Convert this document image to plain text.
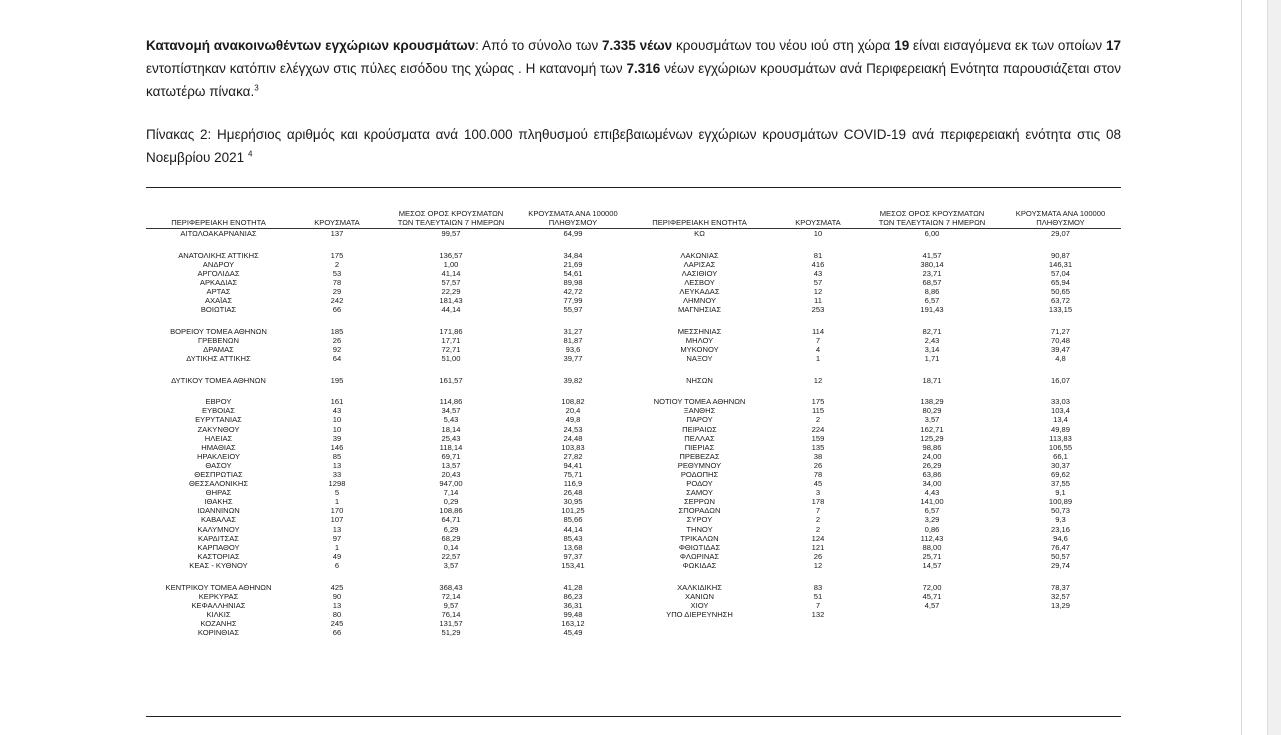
Κατανομή ανακοινωθέντων εγχώριων κρουσμάτων: Από το σύνολο των 7.335 νέων κρουσμάτων του νέου ιού στη χώρα 19 είναι εισαγόμενα εκ των οποίων 17 εντοπίστηκαν κατόπιν ελέγχων στις πύλες εισόδου της χώρας . Η κατανομή των 7.316 νέων εγχώριων κρουσμάτων ανά Περιφερειακή Ενότητα παρουσιάζεται στον κατωτέρω πίνακα.$^3$

Πίνακας 2: Ημερήσιος αριθμός και κρούσματα ανά 100.000 πληθυσμού επιβεβαιωμένων εγχώριων κρουσμάτων COVID-19 ανά περιφερειακή ενότητα στις 08 Νοεμβρίου 2021 $^4$

ΠΕΡΙΦΕΡΕΙΑΚΗ ΕΝΟΤΗΤΑ	ΚΡΟΥΣΜΑΤΑ	ΜΕΣΟΣ ΟΡΟΣ ΚΡΟΥΣΜΑΤΩΝ
ΤΩΝ ΤΕΛΕΥΤΑΙΩΝ 7 ΗΜΕΡΩΝ	ΚΡΟΥΣΜΑΤΑ ΑΝΑ 100000
ΠΛΗΘΥΣΜΟΥ	ΠΕΡΙΦΕΡΕΙΑΚΗ ΕΝΟΤΗΤΑ	ΚΡΟΥΣΜΑΤΑ	ΜΕΣΟΣ ΟΡΟΣ ΚΡΟΥΣΜΑΤΩΝ
ΤΩΝ ΤΕΛΕΥΤΑΙΩΝ 7 ΗΜΕΡΩΝ	ΚΡΟΥΣΜΑΤΑ ΑΝΑ 100000
ΠΛΗΘΥΣΜΟΥ
ΑΙΤΩΛΟΑΚΑΡΝΑΝΙΑΣ	137	99,57	64,99	ΚΩ	10	6,00	29,07

ΑΝΑΤΟΛΙΚΗΣ ΑΤΤΙΚΗΣ	175	136,57	34,84	ΛΑΚΩΝΙΑΣ	81	41,57	90,87
ΑΝΔΡΟΥ	2	1,00	21,69	ΛΑΡΙΣΑΣ	416	380,14	146,31
ΑΡΓΟΛΙΔΑΣ	53	41,14	54,61	ΛΑΣΙΘΙΟΥ	43	23,71	57,04
ΑΡΚΑΔΙΑΣ	78	57,57	89,98	ΛΕΣΒΟΥ	57	68,57	65,94
ΑΡΤΑΣ	29	22,29	42,72	ΛΕΥΚΑΔΑΣ	12	8,86	50,65
ΑΧΑΪΑΣ	242	181,43	77,99	ΛΗΜΝΟΥ	11	6,57	63,72
ΒΟΙΩΤΙΑΣ	66	44,14	55,97	ΜΑΓΝΗΣΙΑΣ	253	191,43	133,15

ΒΟΡΕΙΟΥ ΤΟΜΕΑ ΑΘΗΝΩΝ	185	171,86	31,27	ΜΕΣΣΗΝΙΑΣ	114	82,71	71,27
ΓΡΕΒΕΝΩΝ	26	17,71	81,87	ΜΗΛΟΥ	7	2,43	70,48
ΔΡΑΜΑΣ	92	72,71	93,6	ΜΥΚΟΝΟΥ	4	3,14	39,47
ΔΥΤΙΚΗΣ ΑΤΤΙΚΗΣ	64	51,00	39,77	ΝΑΞΟΥ	1	1,71	4,8

ΔΥΤΙΚΟΥ ΤΟΜΕΑ ΑΘΗΝΩΝ	195	161,57	39,82	ΝΗΣΩΝ	12	18,71	16,07

ΕΒΡΟΥ	161	114,86	108,82	ΝΟΤΙΟΥ ΤΟΜΕΑ ΑΘΗΝΩΝ	175	138,29	33,03
ΕΥΒΟΙΑΣ	43	34,57	20,4	ΞΑΝΘΗΣ	115	80,29	103,4
ΕΥΡΥΤΑΝΙΑΣ	10	5,43	49,8	ΠΑΡΟΥ	2	3,57	13,4
ΖΑΚΥΝΘΟΥ	10	18,14	24,53	ΠΕΙΡΑΙΩΣ	224	162,71	49,89
ΗΛΕΙΑΣ	39	25,43	24,48	ΠΕΛΛΑΣ	159	125,29	113,83
ΗΜΑΘΙΑΣ	146	118,14	103,83	ΠΙΕΡΙΑΣ	135	98,86	106,55
ΗΡΑΚΛΕΙΟΥ	85	69,71	27,82	ΠΡΕΒΕΖΑΣ	38	24,00	66,1
ΘΑΣΟΥ	13	13,57	94,41	ΡΕΘΥΜΝΟΥ	26	26,29	30,37
ΘΕΣΠΡΩΤΙΑΣ	33	20,43	75,71	ΡΟΔΟΠΗΣ	78	63,86	69,62
ΘΕΣΣΑΛΟΝΙΚΗΣ	1298	947,00	116,9	ΡΟΔΟΥ	45	34,00	37,55
ΘΗΡΑΣ	5	7,14	26,48	ΣΑΜΟΥ	3	4,43	9,1
ΙΘΑΚΗΣ	1	0,29	30,95	ΣΕΡΡΩΝ	178	141,00	100,89
ΙΩΑΝΝΙΝΩΝ	170	108,86	101,25	ΣΠΟΡΑΔΩΝ	7	6,57	50,73
ΚΑΒΑΛΑΣ	107	64,71	85,66	ΣΥΡΟΥ	2	3,29	9,3
ΚΑΛΥΜΝΟΥ	13	6,29	44,14	ΤΗΝΟΥ	2	0,86	23,16
ΚΑΡΔΙΤΣΑΣ	97	68,29	85,43	ΤΡΙΚΑΛΩΝ	124	112,43	94,6
ΚΑΡΠΑΘΟΥ	1	0,14	13,68	ΦΘΙΩΤΙΔΑΣ	121	88,00	76,47
ΚΑΣΤΟΡΙΑΣ	49	22,57	97,37	ΦΛΩΡΙΝΑΣ	26	25,71	50,57
ΚΕΑΣ - ΚΥΘΝΟΥ	6	3,57	153,41	ΦΩΚΙΔΑΣ	12	14,57	29,74

ΚΕΝΤΡΙΚΟΥ ΤΟΜΕΑ ΑΘΗΝΩΝ	425	368,43	41,28	ΧΑΛΚΙΔΙΚΗΣ	83	72,00	78,37
ΚΕΡΚΥΡΑΣ	90	72,14	86,23	ΧΑΝΙΩΝ	51	45,71	32,57
ΚΕΦΑΛΛΗΝΙΑΣ	13	9,57	36,31	ΧΙΟΥ	7	4,57	13,29
ΚΙΛΚΙΣ	80	76,14	99,48	ΥΠΟ ΔΙΕΡΕΥΝΗΣΗ	132		
ΚΟΖΑΝΗΣ	245	131,57	163,12				
ΚΟΡΙΝΘΙΑΣ	66	51,29	45,49				
